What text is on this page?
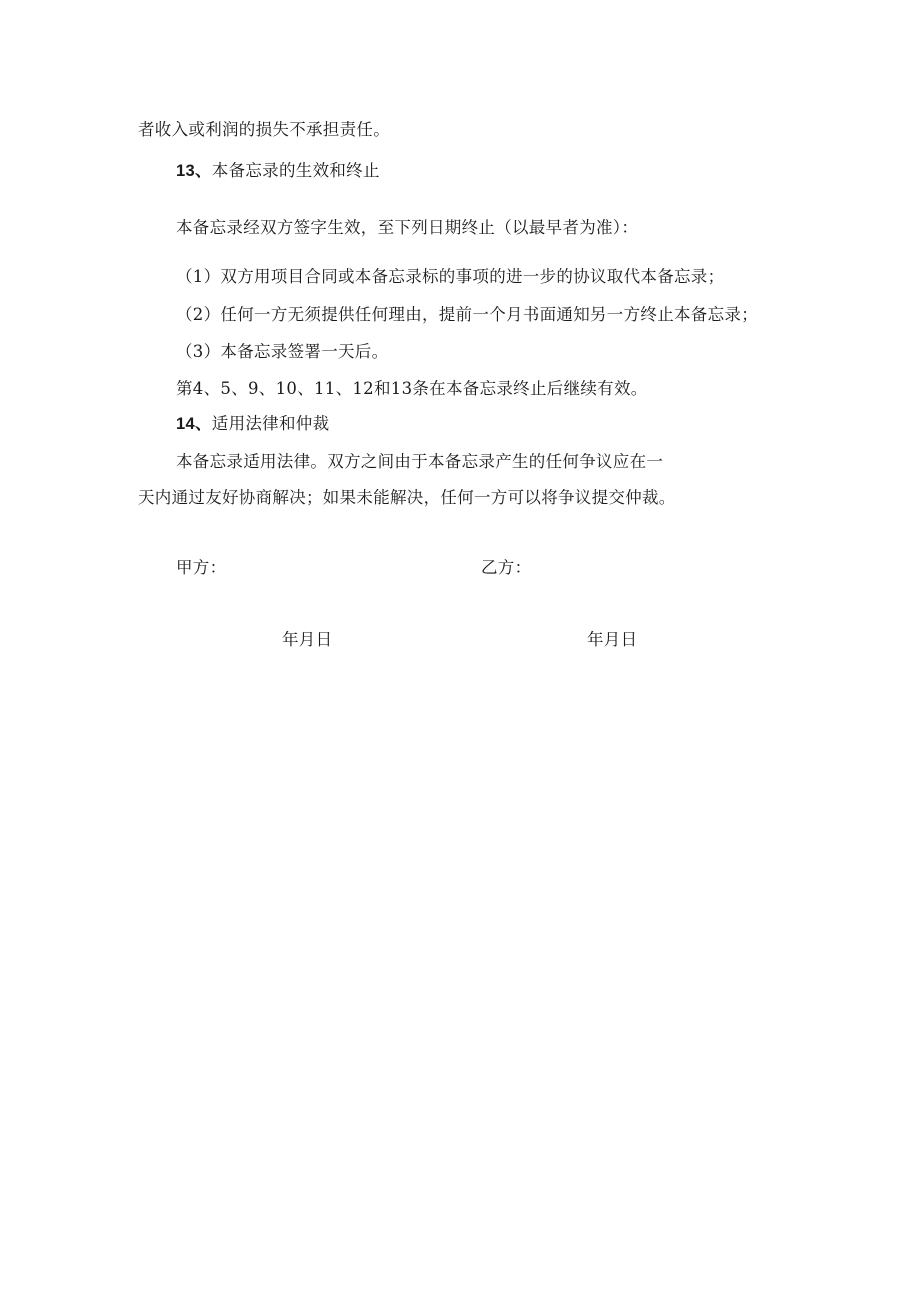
者收入或利润的损失不承担责任。
13、本备忘录的生效和终止
本备忘录经双方签字生效，至下列日期终止（以最早者为准）：
（1）双方用项目合同或本备忘录标的事项的进一步的协议取代本备忘录；
（2）任何一方无须提供任何理由，提前一个月书面通知另一方终止本备忘录；
（3）本备忘录签署一天后。
第4、5、9、10、11、12和13条在本备忘录终止后继续有效。
14、适用法律和仲裁
本备忘录适用法律。双方之间由于本备忘录产生的任何争议应在一
天内通过友好协商解决；如果未能解决，任何一方可以将争议提交仲裁。
甲方：	乙方：
年月日	年月日
